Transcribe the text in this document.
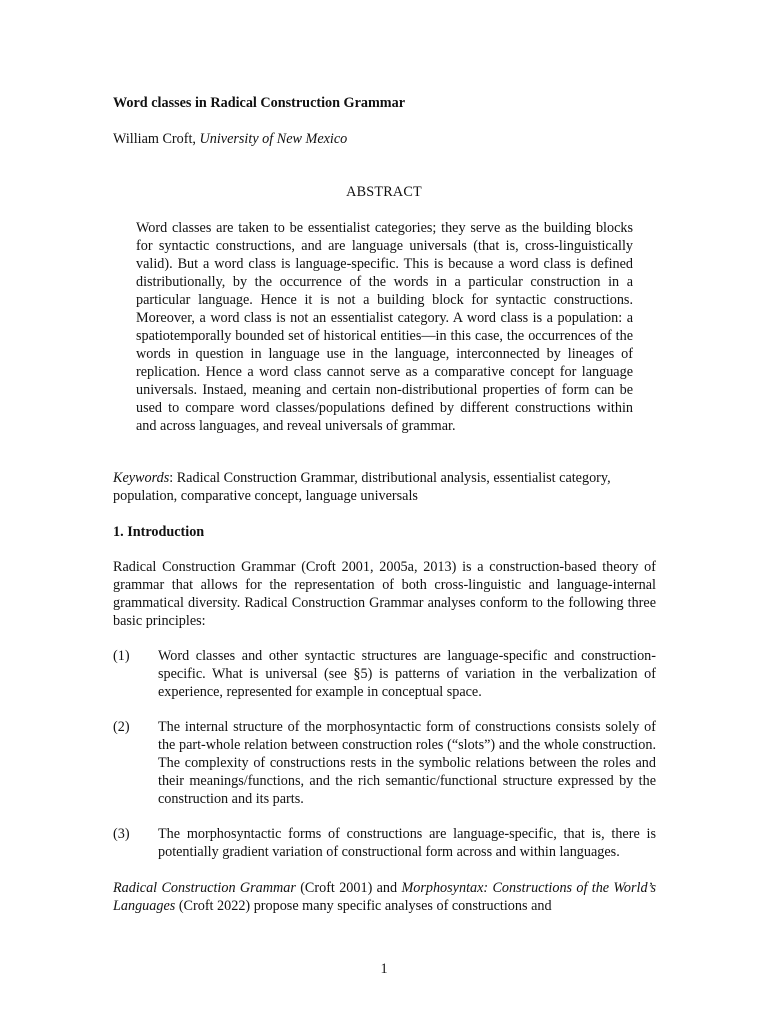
Word classes in Radical Construction Grammar
William Croft, University of New Mexico
ABSTRACT
Word classes are taken to be essentialist categories; they serve as the building blocks for syntactic constructions, and are language universals (that is, cross-linguistically valid). But a word class is language-specific. This is because a word class is defined distributionally, by the occurrence of the words in a particular construction in a particular language. Hence it is not a building block for syntactic constructions. Moreover, a word class is not an essentialist category. A word class is a population: a spatiotemporally bounded set of historical entities—in this case, the occurrences of the words in question in language use in the language, interconnected by lineages of replication. Hence a word class cannot serve as a comparative concept for language universals. Instaed, meaning and certain non-distributional properties of form can be used to compare word classes/populations defined by different constructions within and across languages, and reveal universals of grammar.
Keywords: Radical Construction Grammar, distributional analysis, essentialist category, population, comparative concept, language universals
1. Introduction
Radical Construction Grammar (Croft 2001, 2005a, 2013) is a construction-based theory of grammar that allows for the representation of both cross-linguistic and language-internal grammatical diversity. Radical Construction Grammar analyses conform to the following three basic principles:
(1) Word classes and other syntactic structures are language-specific and construction-specific. What is universal (see §5) is patterns of variation in the verbalization of experience, represented for example in conceptual space.
(2) The internal structure of the morphosyntactic form of constructions consists solely of the part-whole relation between construction roles (“slots”) and the whole construction. The complexity of constructions rests in the symbolic relations between the roles and their meanings/functions, and the rich semantic/functional structure expressed by the construction and its parts.
(3) The morphosyntactic forms of constructions are language-specific, that is, there is potentially gradient variation of constructional form across and within languages.
Radical Construction Grammar (Croft 2001) and Morphosyntax: Constructions of the World’s Languages (Croft 2022) propose many specific analyses of constructions and
1
